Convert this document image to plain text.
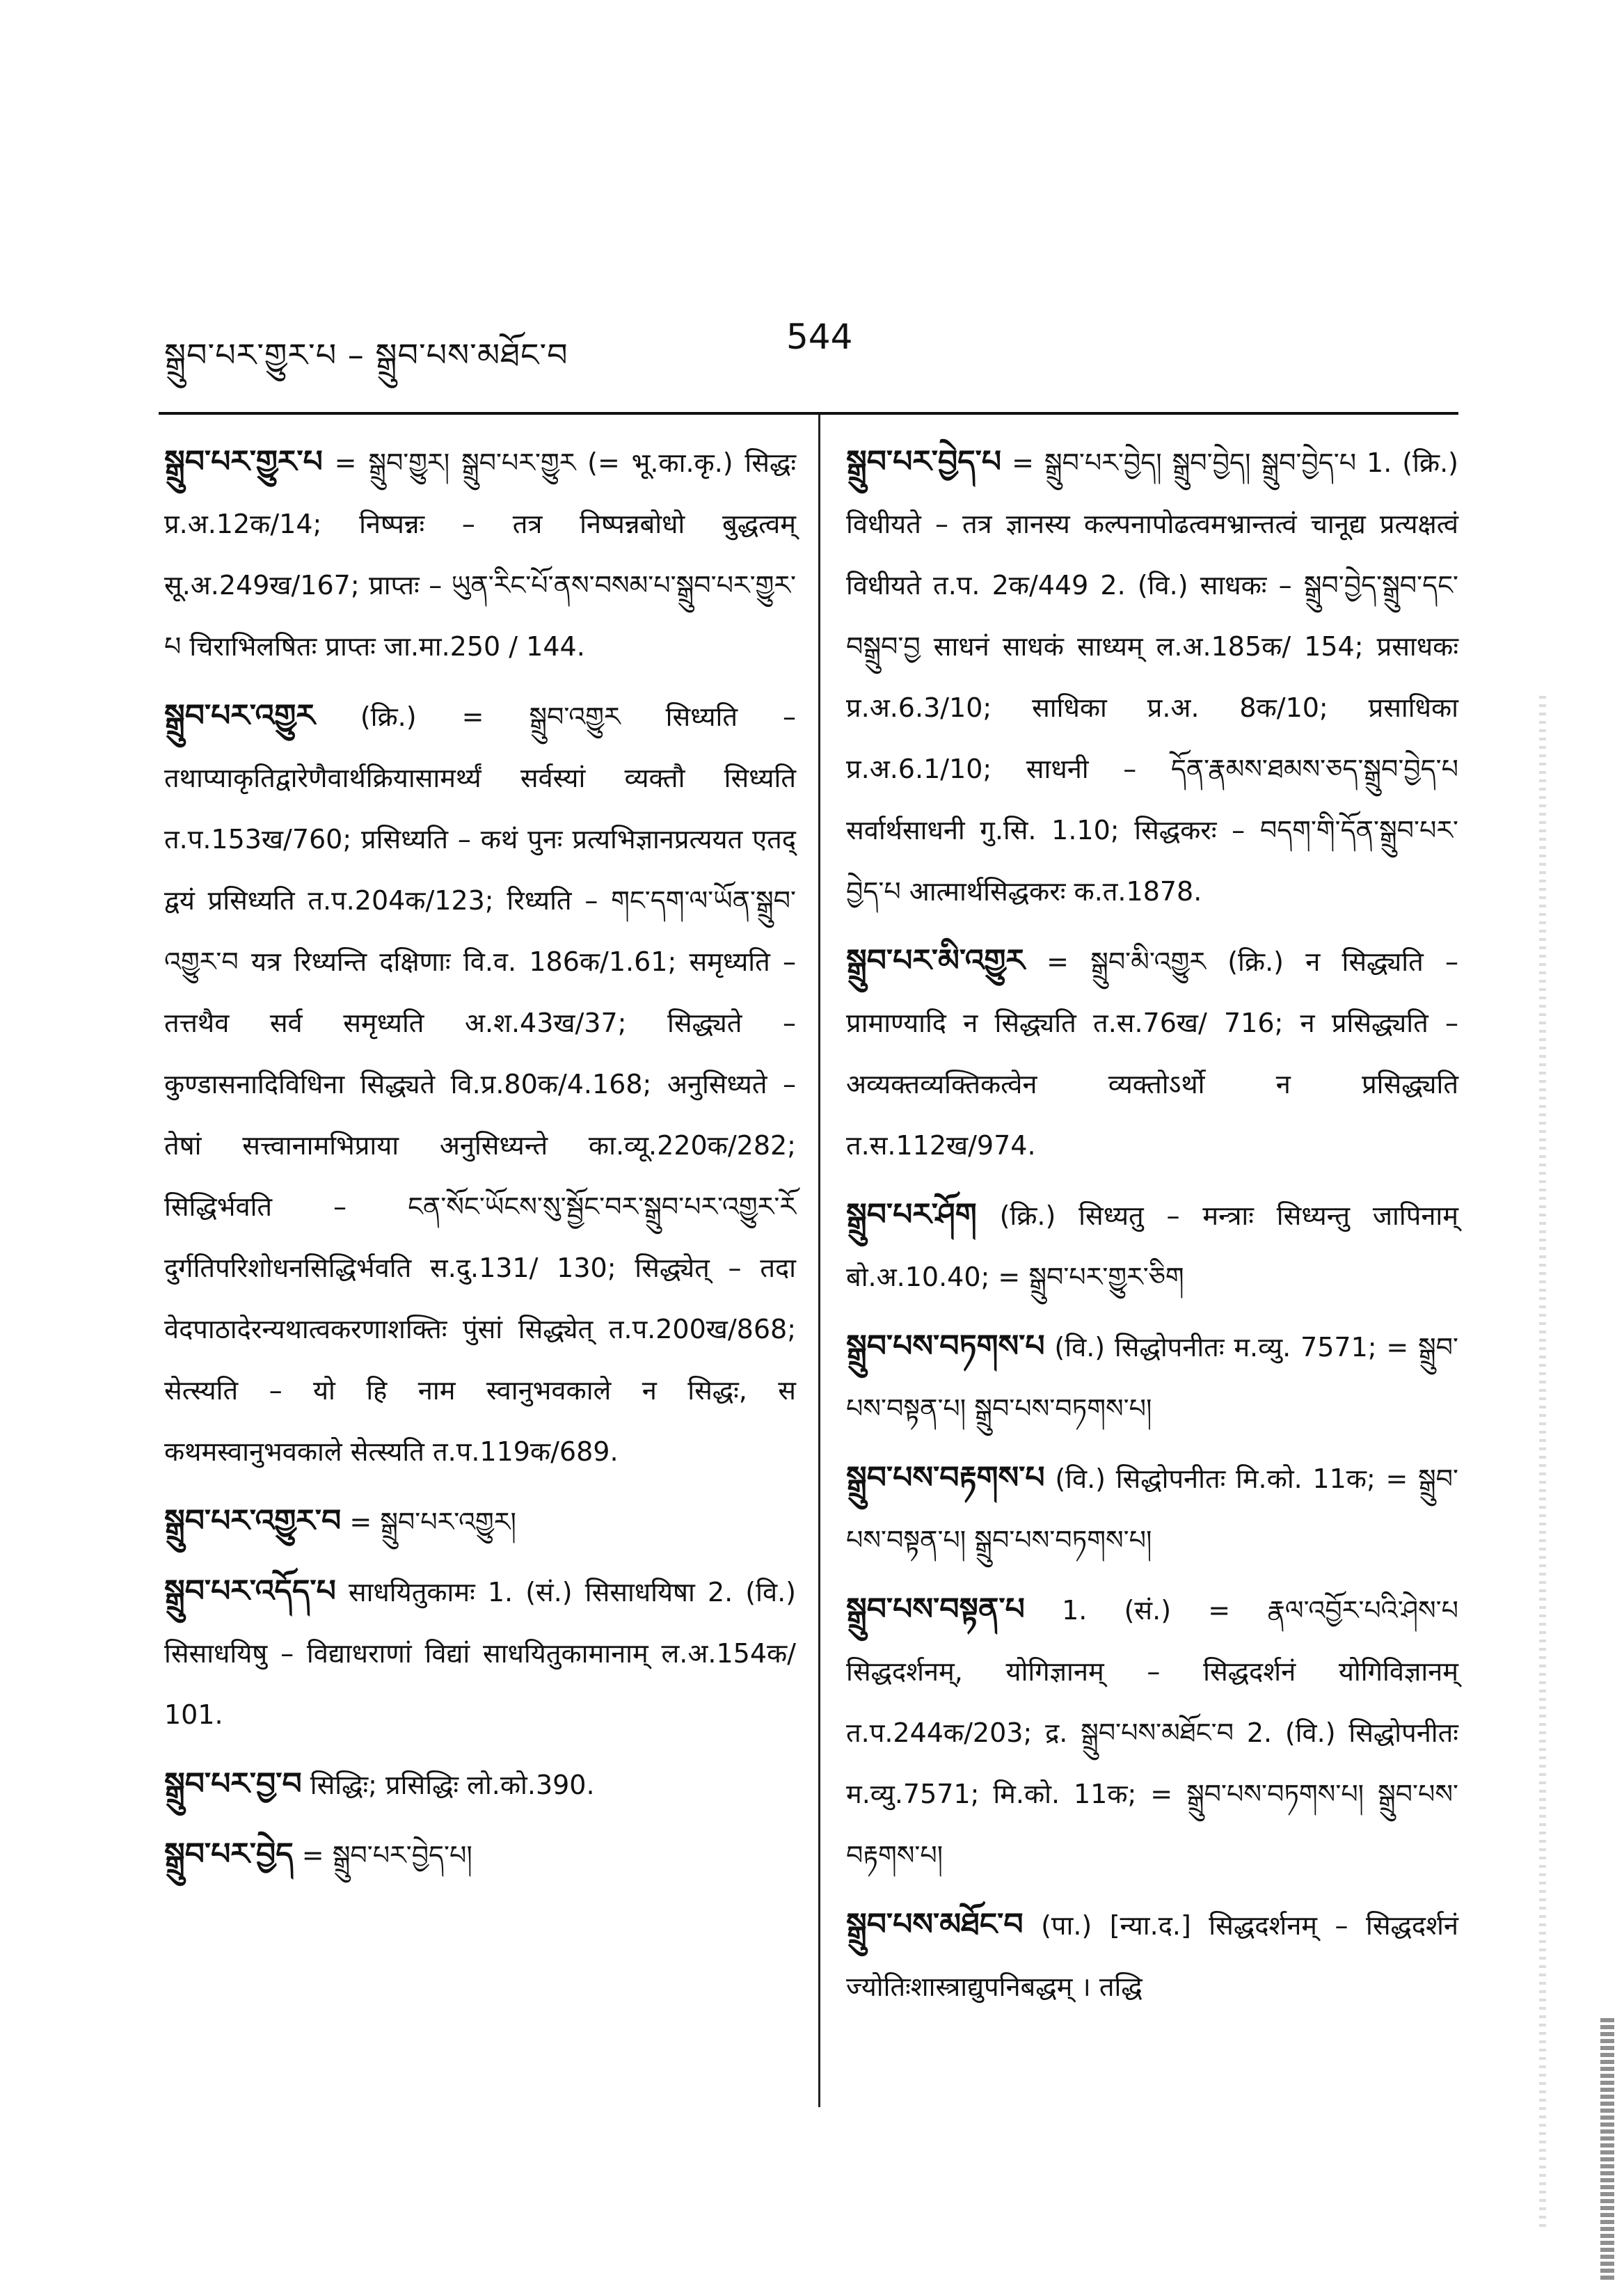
སྒྲུབ་པར་གྱུར་པ – སྒྲུབ་པས་མཐོང་བ	544

སྒྲུབ་པར་གྱུར་པ = སྒྲུབ་གྱུར། སྒྲུབ་པར་གྱུར (= भू.का.कृ.) सिद्धः प्र.अ.12क/14; निष्पन्नः – तत्र निष्पन्नबोधो बुद्धत्वम् सू.अ.249ख/167; प्राप्तः – ཡུན་རིང་པོ་ནས་བསམ་པ་སྒྲུབ་པར་གྱུར་པ चिराभिलषितः प्राप्तः जा.मा.250 / 144.

སྒྲུབ་པར་འགྱུར (क्रि.) = སྒྲུབ་འགྱུར सिध्यति – तथाप्याकृतिद्वारेणैवार्थक्रियासामर्थ्यं सर्वस्यां व्यक्तौ सिध्यति त.प.153ख/760; प्रसिध्यति – कथं पुनः प्रत्यभिज्ञानप्रत्ययत एतद् द्वयं प्रसिध्यति त.प.204क/123; रिध्यति – གང་དག་ལ་ཡོན་སྒྲུབ་འགྱུར་བ यत्र रिध्यन्ति दक्षिणाः वि.व. 186क/1.61; समृध्यति – तत्तथैव सर्व समृध्यति अ.श.43ख/37; सिद्ध्यते – कुण्डासनादिविधिना सिद्ध्यते वि.प्र.80क/4.168; अनुसिध्यते – तेषां सत्त्वानामभिप्राया अनुसिध्यन्ते का.व्यू.220क/282; सिद्धिर्भवति – ངན་སོང་ཡོངས་སུ་སྦྱོང་བར་སྒྲུབ་པར་འགྱུར་རོ दुर्गतिपरिशोधनसिद्धिर्भवति स.दु.131/ 130; सिद्ध्येत् – तदा वेदपाठादेरन्यथात्वकरणाशक्तिः पुंसां सिद्ध्येत् त.प.200ख/868; सेत्स्यति – यो हि नाम स्वानुभवकाले न सिद्धः, स कथमस्वानुभवकाले सेत्स्यति त.प.119क/689.

སྒྲུབ་པར་འགྱུར་བ = སྒྲུབ་པར་འགྱུར།

སྒྲུབ་པར་འདོད་པ साधयितुकामः 1. (सं.) सिसाधयिषा 2. (वि.) सिसाधयिषु – विद्याधराणां विद्यां साधयितुकामानाम् ल.अ.154क/ 101.

སྒྲུབ་པར་བྱ་བ सिद्धिः; प्रसिद्धिः लो.को.390.

སྒྲུབ་པར་བྱེད = སྒྲུབ་པར་བྱེད་པ།

སྒྲུབ་པར་བྱེད་པ = སྒྲུབ་པར་བྱེད། སྒྲུབ་བྱེད། སྒྲུབ་བྱེད་པ 1. (क्रि.) विधीयते – तत्र ज्ञानस्य कल्पनापोढत्वमभ्रान्तत्वं चानूद्य प्रत्यक्षत्वं विधीयते त.प. 2क/449 2. (वि.) साधकः – སྒྲུབ་བྱེད་སྒྲུབ་དང་བསྒྲུབ་བྱ साधनं साधकं साध्यम् ल.अ.185क/ 154; प्रसाधकः प्र.अ.6.3/10; साधिका प्र.अ. 8क/10; प्रसाधिका प्र.अ.6.1/10; साधनी – དོན་རྣམས་ཐམས་ཅད་སྒྲུབ་བྱེད་པ सर्वार्थसाधनी गु.सि. 1.10; सिद्धकरः – བདག་གི་དོན་སྒྲུབ་པར་བྱེད་པ आत्मार्थसिद्धकरः क.त.1878.

སྒྲུབ་པར་མི་འགྱུར = སྒྲུབ་མི་འགྱུར (क्रि.) न सिद्ध्यति – प्रामाण्यादि न सिद्ध्यति त.स.76ख/ 716; न प्रसिद्ध्यति – अव्यक्तव्यक्तिकत्वेन व्यक्तोऽर्थो न प्रसिद्ध्यति त.स.112ख/974.

སྒྲུབ་པར་ཤོག (क्रि.) सिध्यतु – मन्त्राः सिध्यन्तु जापिनाम् बो.अ.10.40; = སྒྲུབ་པར་གྱུར་ཅིག

སྒྲུབ་པས་བཏགས་པ (वि.) सिद्धोपनीतः म.व्यु. 7571; = སྒྲུབ་པས་བསྟན་པ། སྒྲུབ་པས་བཏགས་པ།

སྒྲུབ་པས་བརྟགས་པ (वि.) सिद्धोपनीतः मि.को. 11क; = སྒྲུབ་པས་བསྟན་པ། སྒྲུབ་པས་བཏགས་པ།

སྒྲུབ་པས་བསྟན་པ 1. (सं.) = རྣལ་འབྱོར་པའི་ཤེས་པ सिद्धदर्शनम्, योगिज्ञानम् – सिद्धदर्शनं योगिविज्ञानम् त.प.244क/203; द्र. སྒྲུབ་པས་མཐོང་བ 2. (वि.) सिद्धोपनीतः म.व्यु.7571; मि.को. 11क; = སྒྲུབ་པས་བཏགས་པ། སྒྲུབ་པས་བརྟགས་པ།

སྒྲུབ་པས་མཐོང་བ (पा.) [न्या.द.] सिद्धदर्शनम् – सिद्धदर्शनं ज्योतिःशास्त्राद्युपनिबद्धम् । तद्धि
